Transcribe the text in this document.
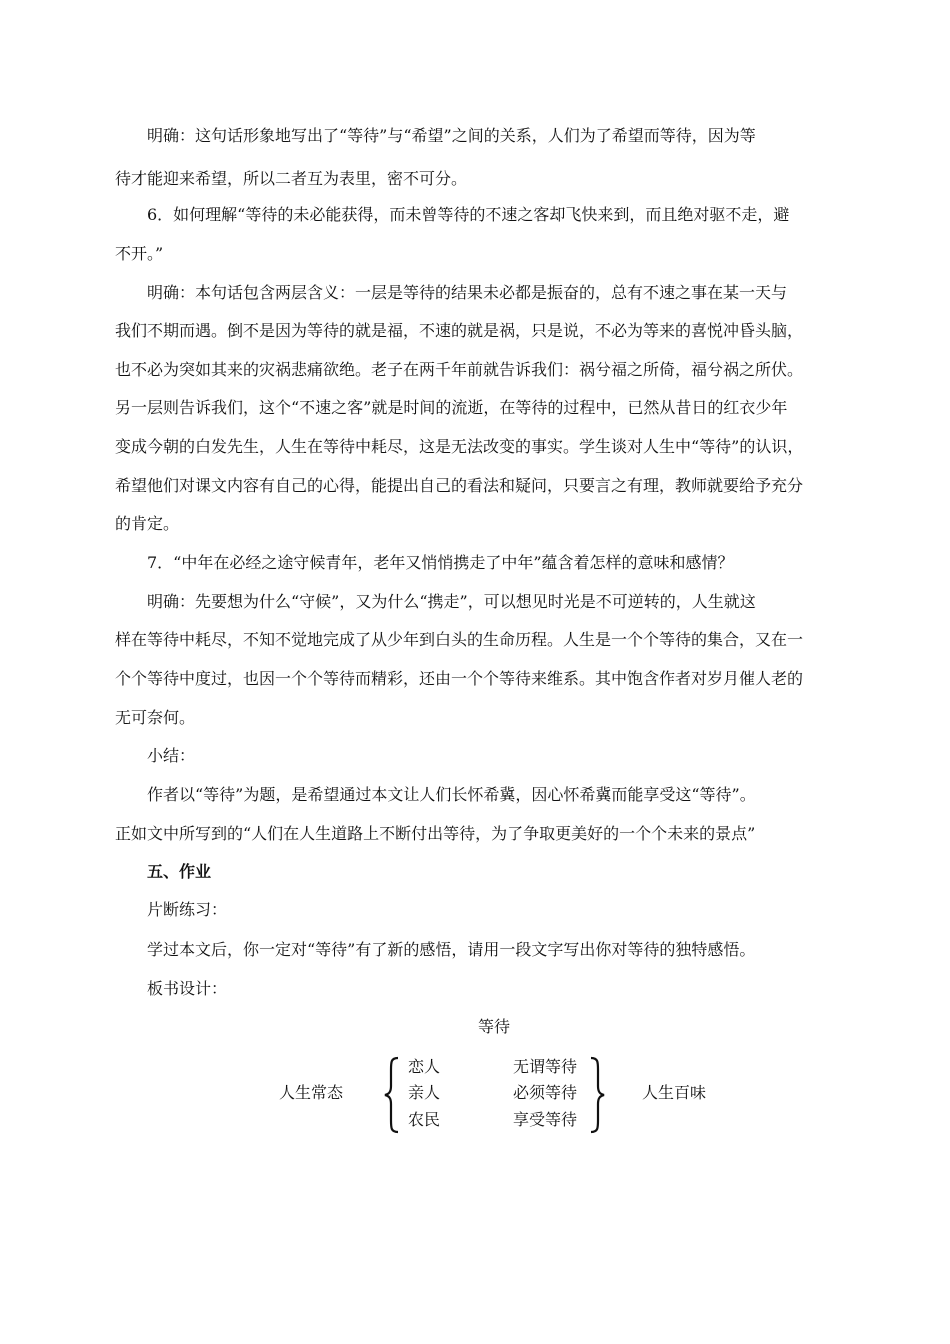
明确：这句话形象地写出了“等待”与“希望”之间的关系，人们为了希望而等待，因为等
待才能迎来希望，所以二者互为表里，密不可分。
6．如何理解“等待的未必能获得，而未曾等待的不速之客却飞快来到，而且绝对驱不走，避
不开。”
明确：本句话包含两层含义：一层是等待的结果未必都是振奋的，总有不速之事在某一天与
我们不期而遇。倒不是因为等待的就是福，不速的就是祸，只是说，不必为等来的喜悦冲昏头脑，
也不必为突如其来的灾祸悲痛欲绝。老子在两千年前就告诉我们：祸兮福之所倚，福兮祸之所伏。
另一层则告诉我们，这个“不速之客”就是时间的流逝，在等待的过程中，已然从昔日的红衣少年
变成今朝的白发先生，人生在等待中耗尽，这是无法改变的事实。学生谈对人生中“等待”的认识，
希望他们对课文内容有自己的心得，能提出自己的看法和疑问，只要言之有理，教师就要给予充分
的肯定。
7．“中年在必经之途守候青年，老年又悄悄携走了中年”蕴含着怎样的意味和感情？
明确：先要想为什么“守候”，又为什么“携走”，可以想见时光是不可逆转的，人生就这
样在等待中耗尽，不知不觉地完成了从少年到白头的生命历程。人生是一个个等待的集合，又在一
个个等待中度过，也因一个个等待而精彩，还由一个个等待来维系。其中饱含作者对岁月催人老的
无可奈何。
小结：
作者以“等待”为题，是希望通过本文让人们长怀希冀，因心怀希冀而能享受这“等待”。
正如文中所写到的“人们在人生道路上不断付出等待，为了争取更美好的一个个未来的景点”
五、作业
片断练习：
学过本文后，你一定对“等待”有了新的感悟，请用一段文字写出你对等待的独特感悟。
板书设计：
等待
人生常态
恋人
亲人
农民
无谓等待
必须等待
享受等待
人生百味
